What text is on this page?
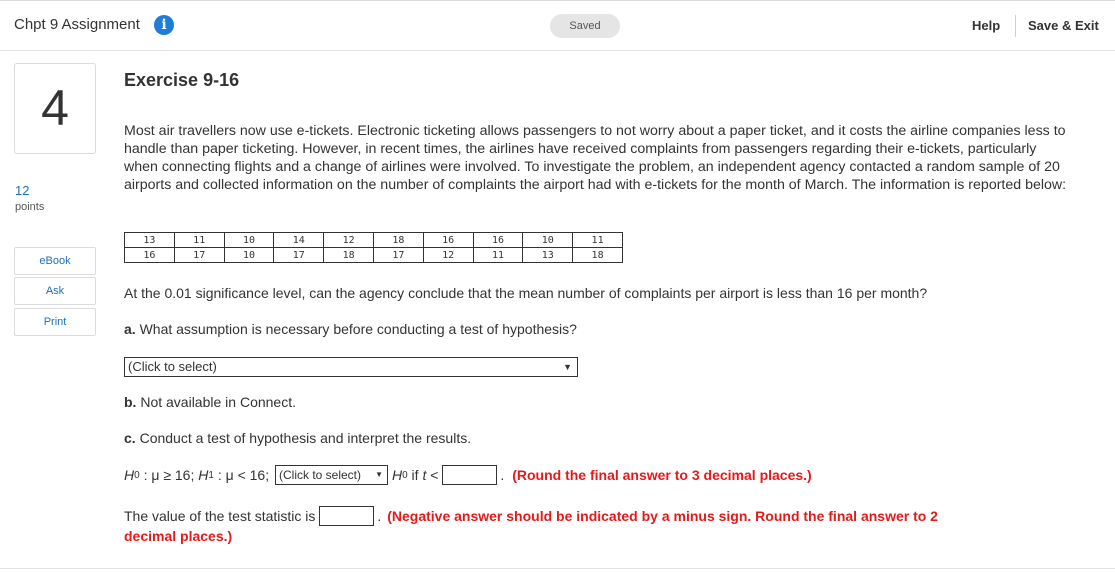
Chpt 9 Assignment	i	Saved	Help Save & Exit
4
12
points
eBook
Ask
Print
Exercise 9-16
Most air travellers now use e-tickets. Electronic ticketing allows passengers to not worry about a paper ticket, and it costs the airline companies less to handle than paper ticketing. However, in recent times, the airlines have received complaints from passengers regarding their e-tickets, particularly when connecting flights and a change of airlines were involved. To investigate the problem, an independent agency contacted a random sample of 20 airports and collected information on the number of complaints the airport had with e-tickets for the month of March. The information is reported below:
13	11	10	14	12	18	16	16	10	11
16	17	10	17	18	17	12	11	13	18
At the 0.01 significance level, can the agency conclude that the mean number of complaints per airport is less than 16 per month?
a. What assumption is necessary before conducting a test of hypothesis?
(Click to select)	▼
b. Not available in Connect.
c. Conduct a test of hypothesis and interpret the results.
H 0 : μ ≥ 16; H 1 : μ < 16; (Click to select) ▼ H 0 if t <	. (Round the final answer to 3 decimal places.)
The value of the test statistic is	. (Negative answer should be indicated by a minus sign. Round the final answer to 2
decimal places.)
